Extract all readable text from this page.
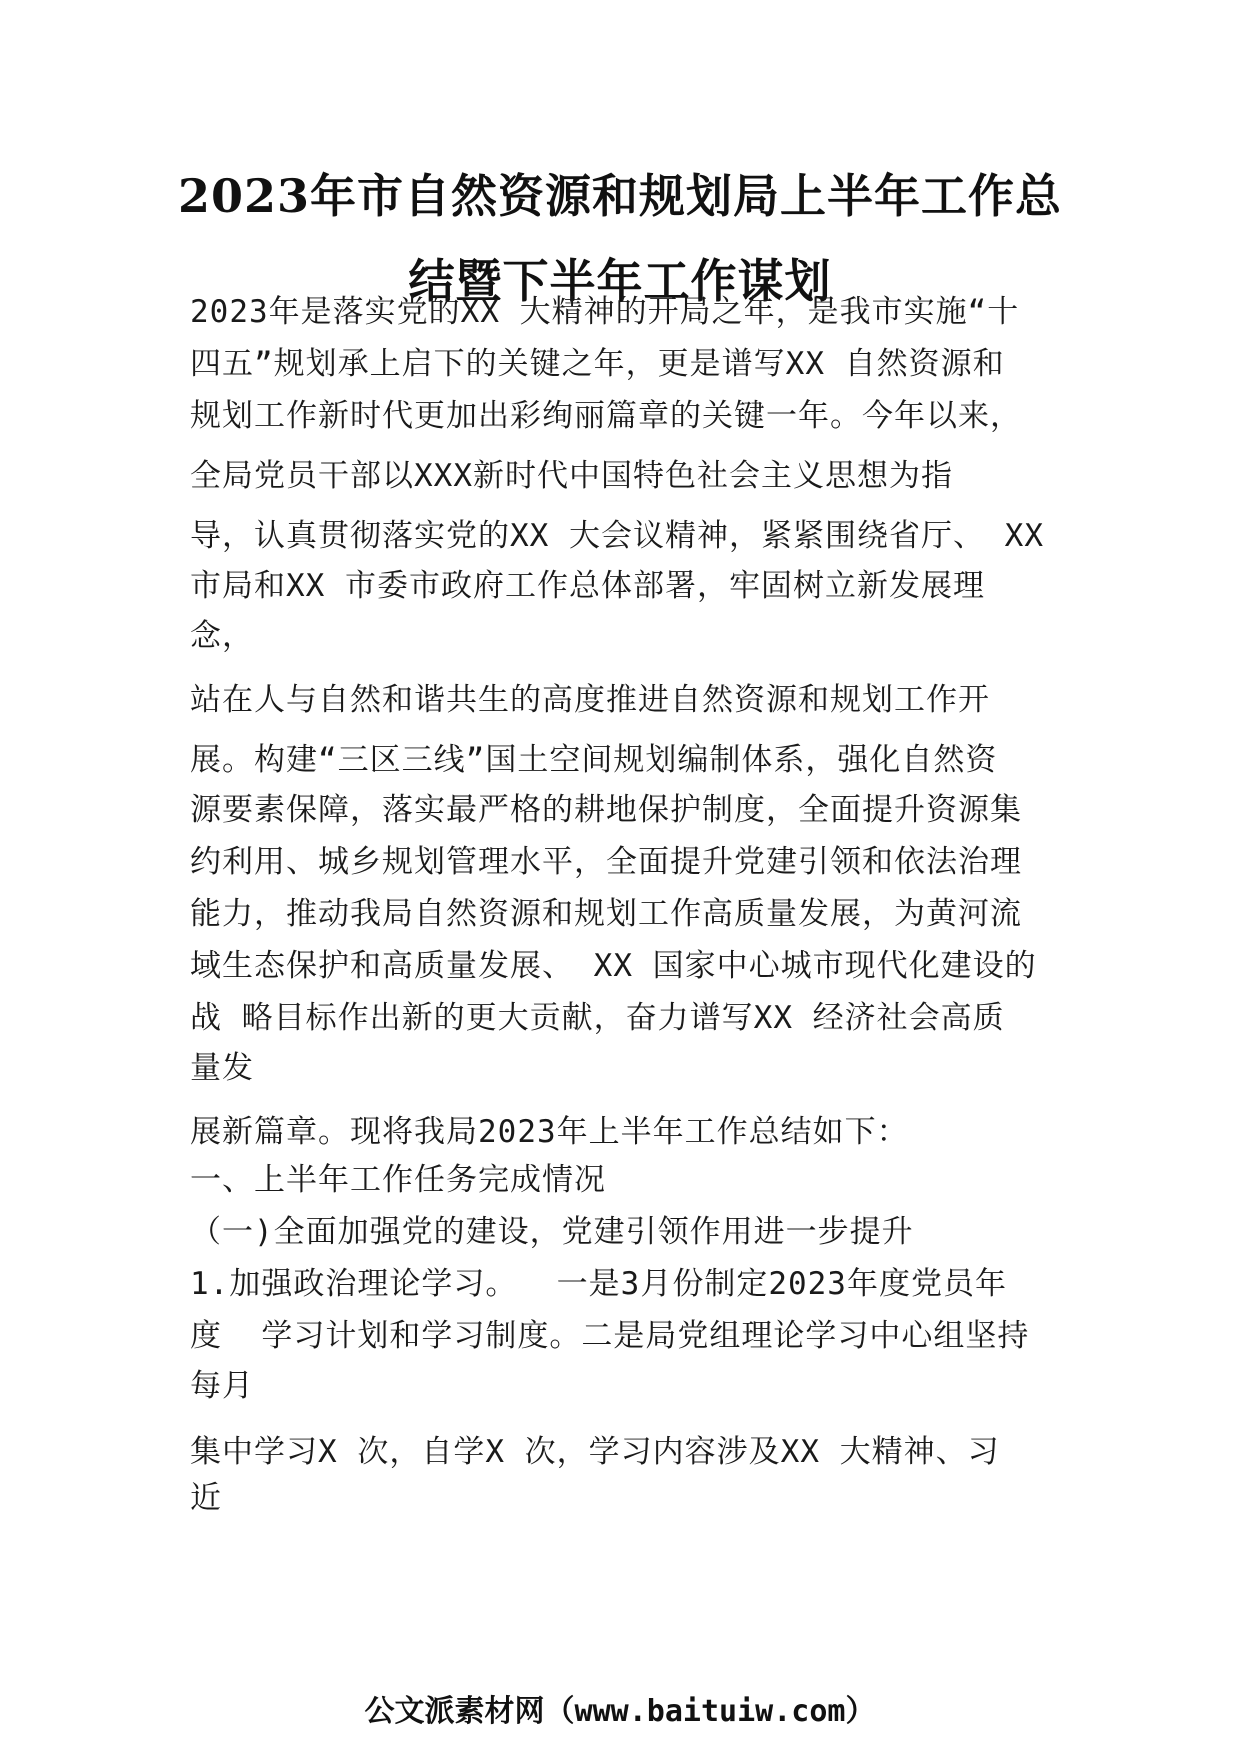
2023年市自然资源和规划局上半年工作总
结暨下半年工作谋划
2023年是落实党的XX 大精神的开局之年，是我市实施“十
四五”规划承上启下的关键之年，更是谱写XX 自然资源和
规划工作新时代更加出彩绚丽篇章的关键一年。今年以来，
全局党员干部以XXX新时代中国特色社会主义思想为指
导，认真贯彻落实党的XX 大会议精神，紧紧围绕省厅、 XX
市局和XX 市委市政府工作总体部署，牢固树立新发展理
念，
站在人与自然和谐共生的高度推进自然资源和规划工作开
展。构建“三区三线”国土空间规划编制体系，强化自然资
源要素保障，落实最严格的耕地保护制度，全面提升资源集
约利用、城乡规划管理水平，全面提升党建引领和依法治理
能力，推动我局自然资源和规划工作高质量发展，为黄河流
域生态保护和高质量发展、 XX 国家中心城市现代化建设的
战 略目标作出新的更大贡献，奋力谱写XX 经济社会高质
量发
展新篇章。现将我局2023年上半年工作总结如下：
一、上半年工作任务完成情况
（一)全面加强党的建设，党建引领作用进一步提升
1.加强政治理论学习。  一是3月份制定2023年度党员年
度  学习计划和学习制度。二是局党组理论学习中心组坚持
每月
集中学习X 次，自学X 次，学习内容涉及XX 大精神、习
近
公文派素材网（www.baituiw.com）
